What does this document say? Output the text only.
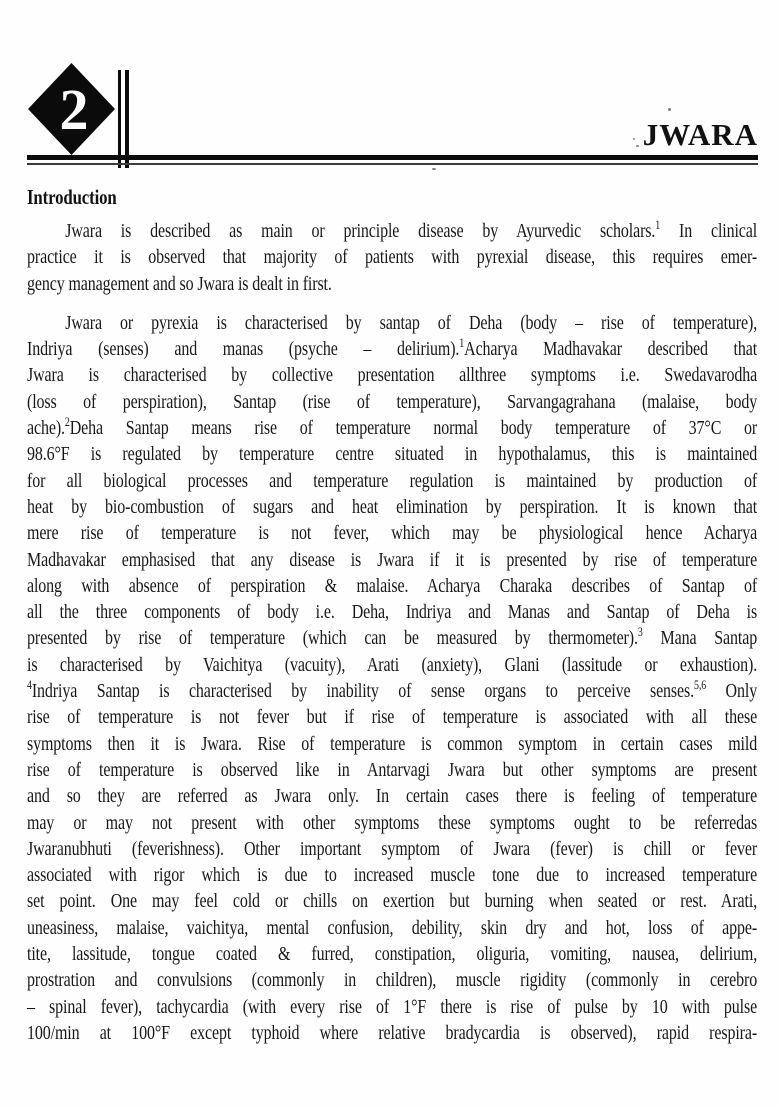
2	JWARA
Introduction
Jwara is described as main or principle disease by Ayurvedic scholars.$^1$ In clinical
practice it is observed that majority of patients with pyrexial disease, this requires emer-
gency management and so Jwara is dealt in first.
Jwara or pyrexia is characterised by santap of Deha (body – rise of temperature),
Indriya (senses) and manas (psyche – delirium).$^1$Acharya Madhavakar described that
Jwara is characterised by collective presentation allthree symptoms i.e. Swedavarodha
(loss of perspiration), Santap (rise of temperature), Sarvangagrahana (malaise, body
ache).$^2$Deha Santap means rise of temperature normal body temperature of 37°C or
98.6°F is regulated by temperature centre situated in hypothalamus, this is maintained
for all biological processes and temperature regulation is maintained by production of
heat by bio-combustion of sugars and heat elimination by perspiration. It is known that
mere rise of temperature is not fever, which may be physiological hence Acharya
Madhavakar emphasised that any disease is Jwara if it is presented by rise of temperature
along with absence of perspiration & malaise. Acharya Charaka describes of Santap of
all the three components of body i.e. Deha, Indriya and Manas and Santap of Deha is
presented by rise of temperature (which can be measured by thermometer).$^3$ Mana Santap
is characterised by Vaichitya (vacuity), Arati (anxiety), Glani (lassitude or exhaustion).
$^4$Indriya Santap is characterised by inability of sense organs to perceive senses.$^{5,6}$ Only
rise of temperature is not fever but if rise of temperature is associated with all these
symptoms then it is Jwara. Rise of temperature is common symptom in certain cases mild
rise of temperature is observed like in Antarvagi Jwara but other symptoms are present
and so they are referred as Jwara only. In certain cases there is feeling of temperature
may or may not present with other symptoms these symptoms ought to be referredas
Jwaranubhuti (feverishness). Other important symptom of Jwara (fever) is chill or fever
associated with rigor which is due to increased muscle tone due to increased temperature
set point. One may feel cold or chills on exertion but burning when seated or rest. Arati,
uneasiness, malaise, vaichitya, mental confusion, debility, skin dry and hot, loss of appe-
tite, lassitude, tongue coated & furred, constipation, oliguria, vomiting, nausea, delirium,
prostration and convulsions (commonly in children), muscle rigidity (commonly in cerebro
– spinal fever), tachycardia (with every rise of 1°F there is rise of pulse by 10 with pulse
100/min at 100°F except typhoid where relative bradycardia is observed), rapid respira-
